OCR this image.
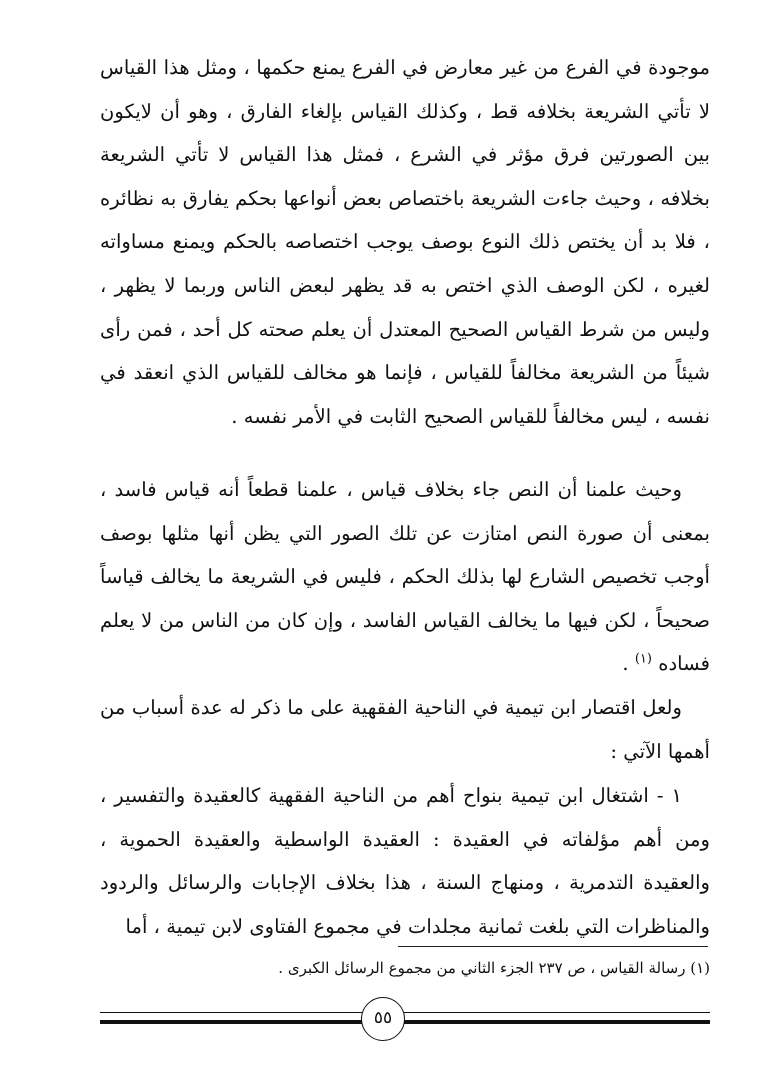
موجودة في الفرع من غير معارض في الفرع يمنع حكمها ، ومثل هذا القياس لا تأتي الشريعة بخلافه قط ، وكذلك القياس بإلغاء الفارق ، وهو أن لايكون بين الصورتين فرق مؤثر في الشرع ، فمثل هذا القياس لا تأتي الشريعة بخلافه ، وحيث جاءت الشريعة باختصاص بعض أنواعها بحكم يفارق به نظائره ، فلا بد أن يختص ذلك النوع بوصف يوجب اختصاصه بالحكم ويمنع مساواته لغيره ، لكن الوصف الذي اختص به قد يظهر لبعض الناس وربما لا يظهر ، وليس من شرط القياس الصحيح المعتدل أن يعلم صحته كل أحد ، فمن رأى شيئاً من الشريعة مخالفاً للقياس ، فإنما هو مخالف للقياس الذي انعقد في نفسه ، ليس مخالفاً للقياس الصحيح الثابت في الأمر نفسه .

وحيث علمنا أن النص جاء بخلاف قياس ، علمنا قطعاً أنه قياس فاسد ، بمعنى أن صورة النص امتازت عن تلك الصور التي يظن أنها مثلها بوصف أوجب تخصيص الشارع لها بذلك الحكم ، فليس في الشريعة ما يخالف قياساً صحيحاً ، لكن فيها ما يخالف القياس الفاسد ، وإن كان من الناس من لا يعلم فساده $^{(١)}$ .

ولعل اقتصار ابن تيمية في الناحية الفقهية على ما ذكر له عدة أسباب من أهمها الآتي :

١ - اشتغال ابن تيمية بنواح أهم من الناحية الفقهية كالعقيدة والتفسير ، ومن أهم مؤلفاته في العقيدة : العقيدة الواسطية والعقيدة الحموية ، والعقيدة التدمرية ، ومنهاج السنة ، هذا بخلاف الإجابات والرسائل والردود والمناظرات التي بلغت ثمانية مجلدات في مجموع الفتاوى لابن تيمية ، أما

(١) رسالة القياس ، ص ٢٣٧ الجزء الثاني من مجموع الرسائل الكبرى .
٥٥
